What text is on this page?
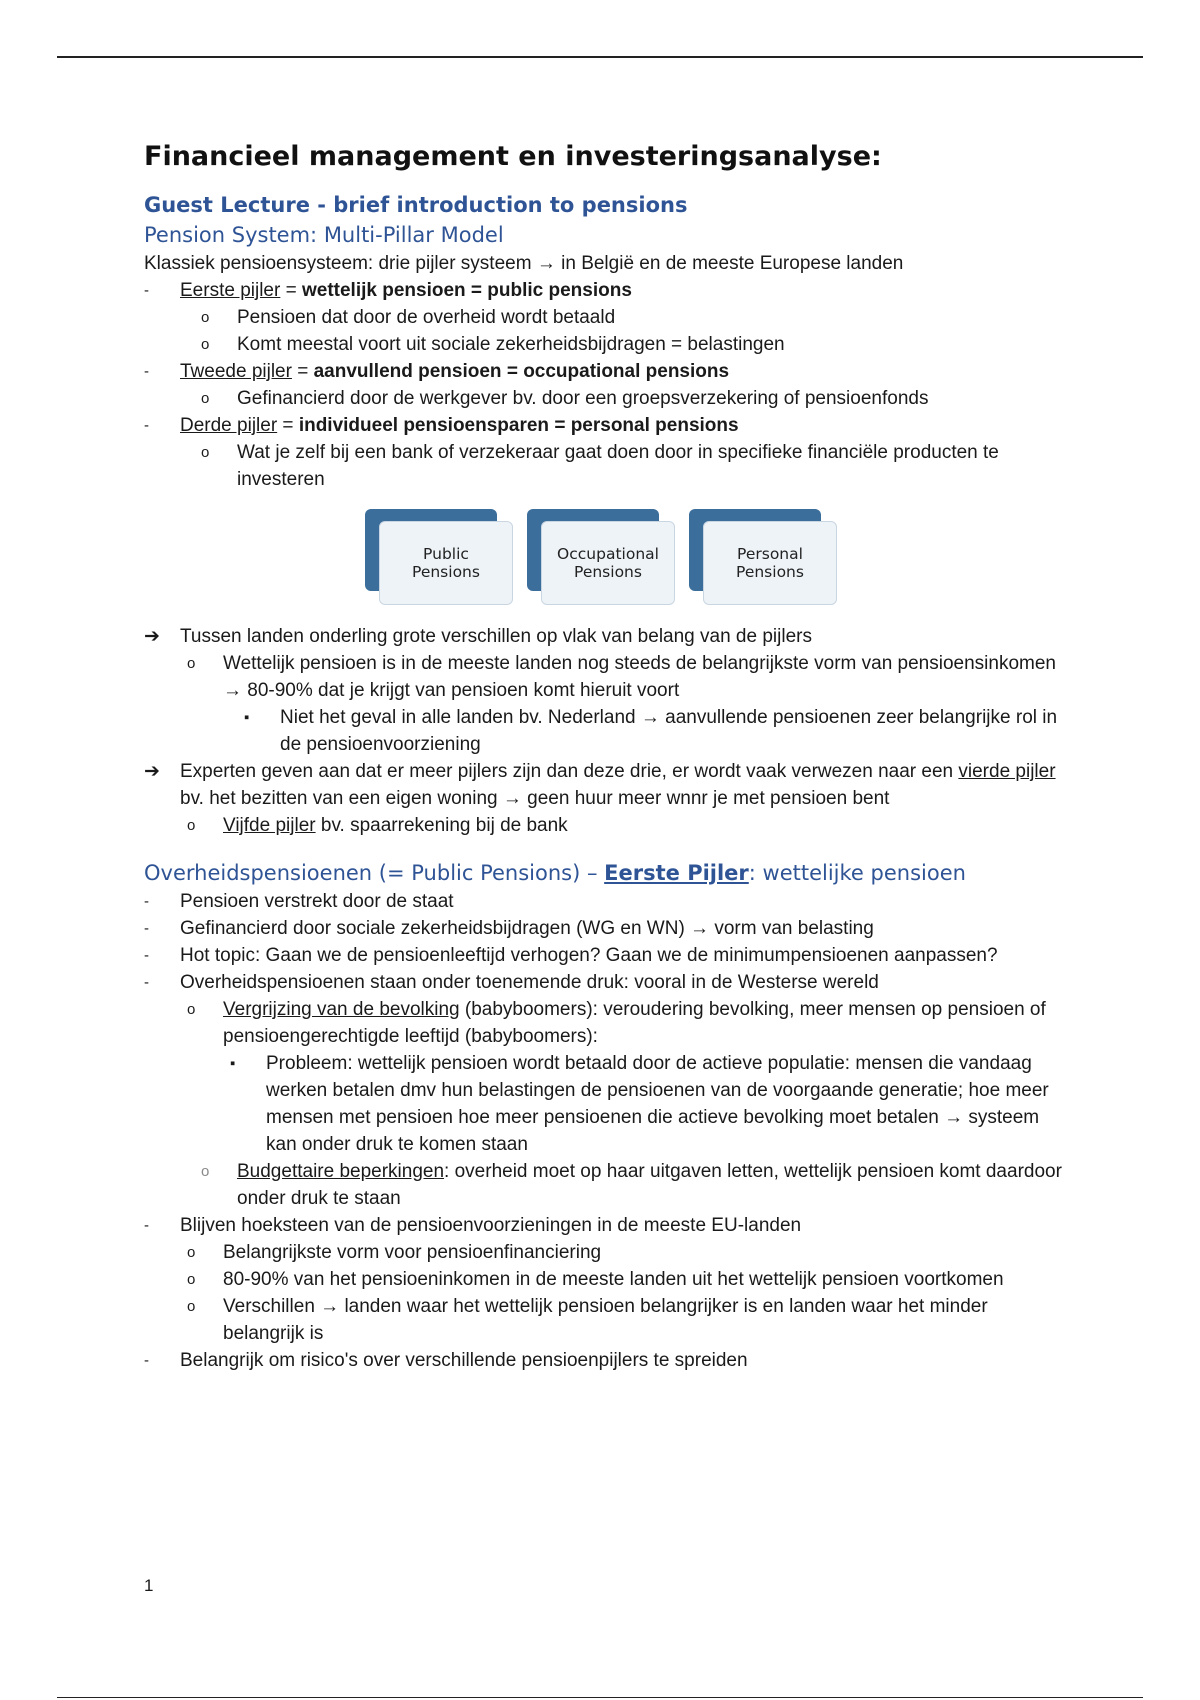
Financieel management en investeringsanalyse:
Guest Lecture - brief introduction to pensions
Pension System: Multi-Pillar Model
Klassiek pensioensysteem: drie pijler systeem → in België en de meeste Europese landen
- Eerste pijler = wettelijk pensioen = public pensions
o Pensioen dat door de overheid wordt betaald
o Komt meestal voort uit sociale zekerheidsbijdragen = belastingen
- Tweede pijler = aanvullend pensioen = occupational pensions
o Gefinancierd door de werkgever bv. door een groepsverzekering of pensioenfonds
- Derde pijler = individueel pensioensparen = personal pensions
o Wat je zelf bij een bank of verzekeraar gaat doen door in specifieke financiële producten te investeren
Public
Pensions
Occupational
Pensions
Personal
Pensions
➔ Tussen landen onderling grote verschillen op vlak van belang van de pijlers
o Wettelijk pensioen is in de meeste landen nog steeds de belangrijkste vorm van pensioensinkomen → 80-90% dat je krijgt van pensioen komt hieruit voort
▪ Niet het geval in alle landen bv. Nederland → aanvullende pensioenen zeer belangrijke rol in de pensioenvoorziening
➔ Experten geven aan dat er meer pijlers zijn dan deze drie, er wordt vaak verwezen naar een vierde pijler bv. het bezitten van een eigen woning → geen huur meer wnnr je met pensioen bent
o Vijfde pijler bv. spaarrekening bij de bank
Overheidspensioenen (= Public Pensions) – Eerste Pijler: wettelijke pensioen
- Pensioen verstrekt door de staat
- Gefinancierd door sociale zekerheidsbijdragen (WG en WN) → vorm van belasting
- Hot topic: Gaan we de pensioenleeftijd verhogen? Gaan we de minimumpensioenen aanpassen?
- Overheidspensioenen staan onder toenemende druk: vooral in de Westerse wereld
o Vergrijzing van de bevolking (babyboomers): veroudering bevolking, meer mensen op pensioen of pensioengerechtigde leeftijd (babyboomers):
▪ Probleem: wettelijk pensioen wordt betaald door de actieve populatie: mensen die vandaag werken betalen dmv hun belastingen de pensioenen van de voorgaande generatie; hoe meer mensen met pensioen hoe meer pensioenen die actieve bevolking moet betalen → systeem kan onder druk te komen staan
o Budgettaire beperkingen: overheid moet op haar uitgaven letten, wettelijk pensioen komt daardoor onder druk te staan
- Blijven hoeksteen van de pensioenvoorzieningen in de meeste EU-landen
o Belangrijkste vorm voor pensioenfinanciering
o 80-90% van het pensioeninkomen in de meeste landen uit het wettelijk pensioen voortkomen
o Verschillen → landen waar het wettelijk pensioen belangrijker is en landen waar het minder belangrijk is
- Belangrijk om risico's over verschillende pensioenpijlers te spreiden
1
